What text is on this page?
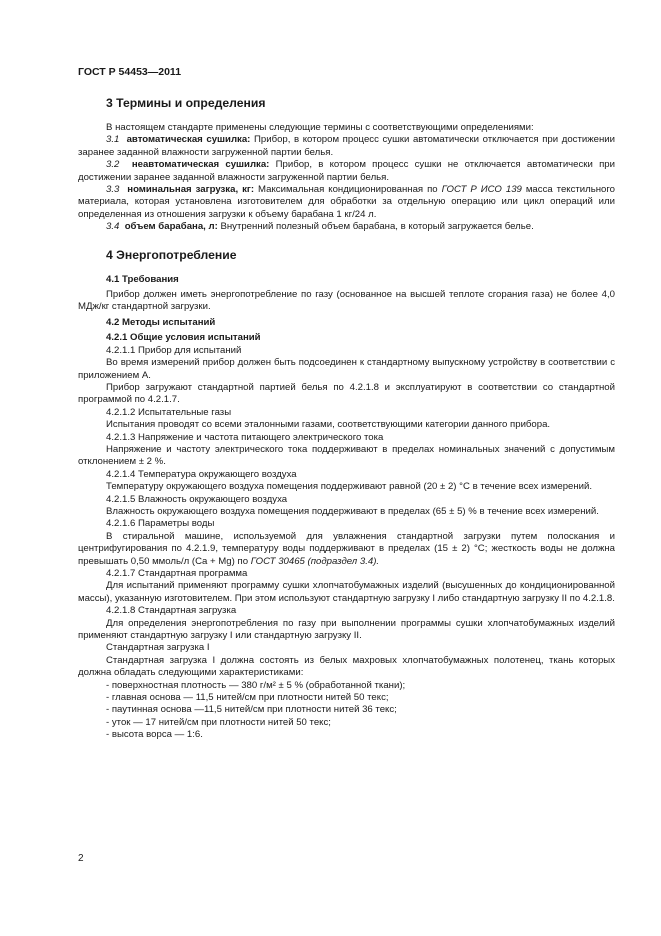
ГОСТ Р 54453—2011

3 Термины и определения

В настоящем стандарте применены следующие термины с соответствующими определениями:

3.1 автоматическая сушилка: Прибор, в котором процесс сушки автоматически отключается при достижении заранее заданной влажности загруженной партии белья.

3.2 неавтоматическая сушилка: Прибор, в котором процесс сушки не отключается автоматически при достижении заранее заданной влажности загруженной партии белья.

3.3 номинальная загрузка, кг: Максимальная кондиционированная по ГОСТ Р ИСО 139 масса текстильного материала, которая установлена изготовителем для обработки за отдельную операцию или цикл операций или определенная из отношения загрузки к объему барабана 1 кг/24 л.

3.4 объем барабана, л: Внутренний полезный объем барабана, в который загружается белье.

4 Энергопотребление

4.1 Требования

Прибор должен иметь энергопотребление по газу (основанное на высшей теплоте сгорания газа) не более 4,0 МДж/кг стандартной загрузки.

4.2 Методы испытаний

4.2.1 Общие условия испытаний

4.2.1.1 Прибор для испытаний

Во время измерений прибор должен быть подсоединен к стандартному выпускному устройству в соответствии с приложением А.

Прибор загружают стандартной партией белья по 4.2.1.8 и эксплуатируют в соответствии со стандартной программой по 4.2.1.7.

4.2.1.2 Испытательные газы

Испытания проводят со всеми эталонными газами, соответствующими категории данного прибора.

4.2.1.3 Напряжение и частота питающего электрического тока

Напряжение и частоту электрического тока поддерживают в пределах номинальных значений с допустимым отклонением ± 2 %.

4.2.1.4 Температура окружающего воздуха

Температуру окружающего воздуха помещения поддерживают равной (20 ± 2) °С в течение всех измерений.

4.2.1.5 Влажность окружающего воздуха

Влажность окружающего воздуха помещения поддерживают в пределах (65 ± 5) % в течение всех измерений.

4.2.1.6 Параметры воды

В стиральной машине, используемой для увлажнения стандартной загрузки путем полоскания и центрифугирования по 4.2.1.9, температуру воды поддерживают в пределах (15 ± 2) °С; жесткость воды не должна превышать 0,50 ммоль/л (Ca + Mg) по ГОСТ 30465 (подраздел 3.4).

4.2.1.7 Стандартная программа

Для испытаний применяют программу сушки хлопчатобумажных изделий (высушенных до кондиционированной массы), указанную изготовителем. При этом используют стандартную загрузку I либо стандартную загрузку II по 4.2.1.8.

4.2.1.8 Стандартная загрузка

Для определения энергопотребления по газу при выполнении программы сушки хлопчатобумажных изделий применяют стандартную загрузку I или стандартную загрузку II.

Стандартная загрузка I

Стандартная загрузка I должна состоять из белых махровых хлопчатобумажных полотенец, ткань которых должна обладать следующими характеристиками:

- поверхностная плотность — 380 г/м² ± 5 % (обработанной ткани);

- главная основа — 11,5 нитей/см при плотности нитей 50 текс;

- паутинная основа —11,5 нитей/см при плотности нитей 36 текс;

- уток — 17 нитей/см при плотности нитей 50 текс;

- высота ворса — 1:6.

2
